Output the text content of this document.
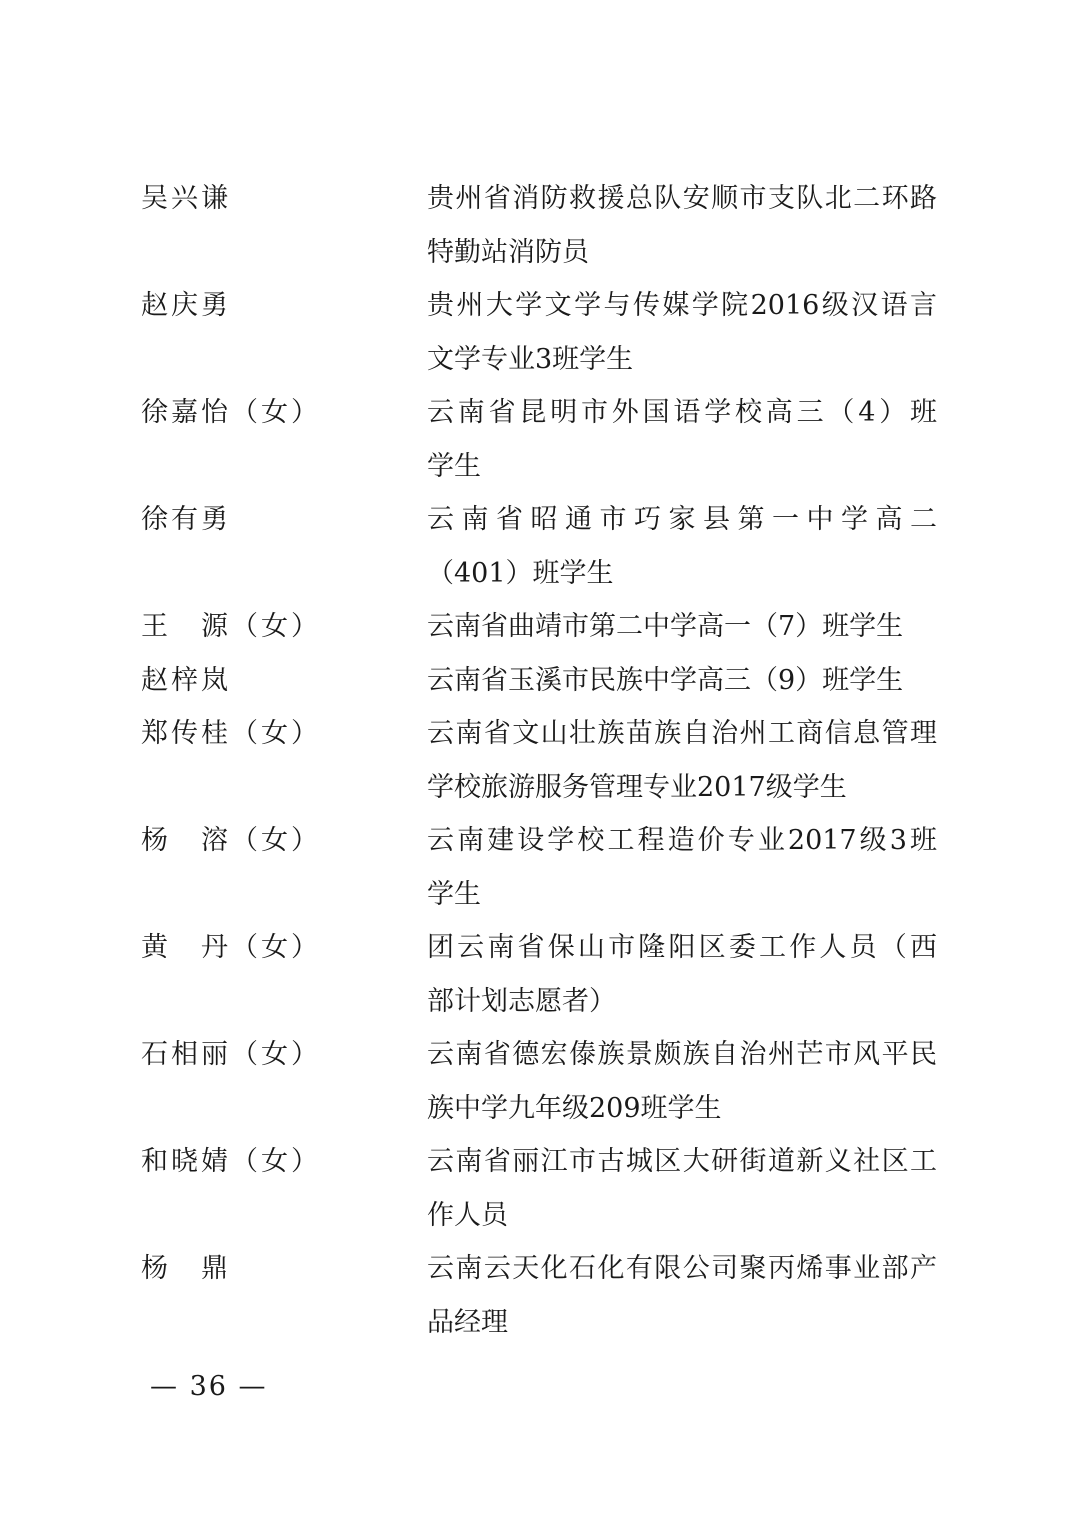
吴兴谦	贵州省消防救援总队安顺市支队北二环路
特勤站消防员
赵庆勇	贵州大学文学与传媒学院2016级汉语言
文学专业3班学生
徐嘉怡（女）	云南省昆明市外国语学校高三（4）班
学生
徐有勇	云南省昭通市巧家县第一中学高二
（401）班学生
王　源（女）	云南省曲靖市第二中学高一（7）班学生
赵梓岚	云南省玉溪市民族中学高三（9）班学生
郑传桂（女）	云南省文山壮族苗族自治州工商信息管理
学校旅游服务管理专业2017级学生
杨　溶（女）	云南建设学校工程造价专业2017级3班
学生
黄　丹（女）	团云南省保山市隆阳区委工作人员（西
部计划志愿者）
石相丽（女）	云南省德宏傣族景颇族自治州芒市风平民
族中学九年级209班学生
和晓婧（女）	云南省丽江市古城区大研街道新义社区工
作人员
杨　鼎	云南云天化石化有限公司聚丙烯事业部产
品经理
— 36 —
